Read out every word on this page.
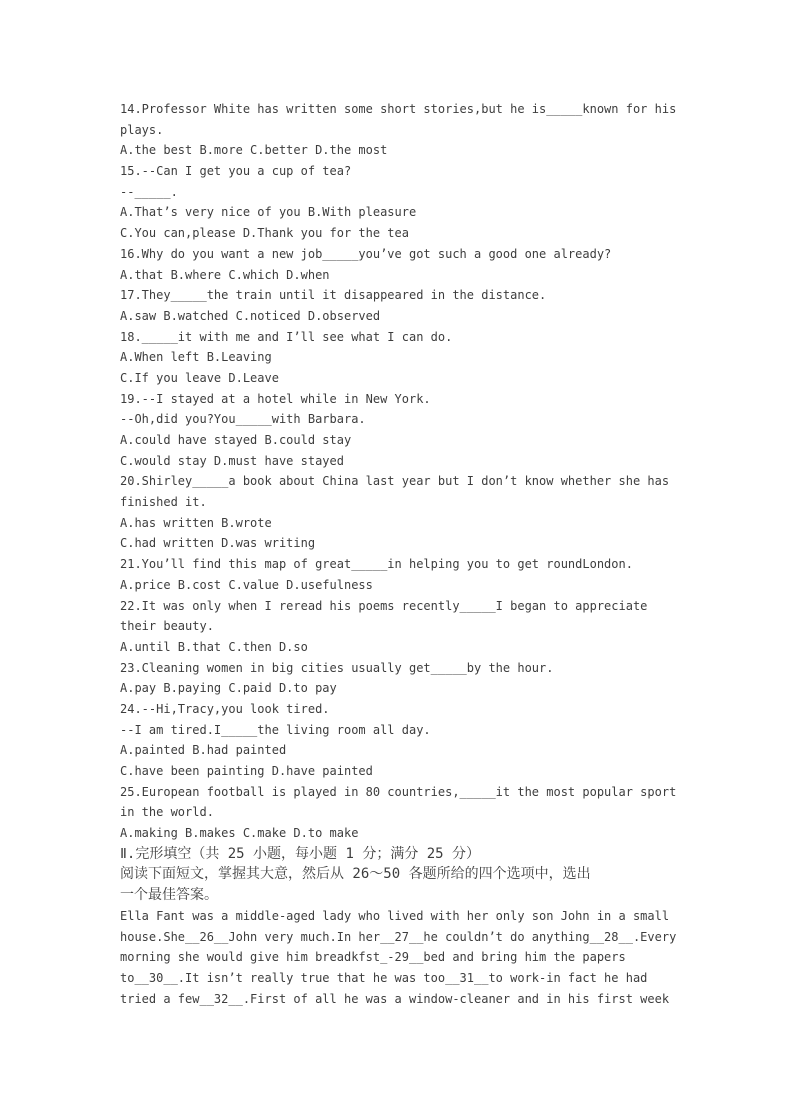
14.Professor White has written some short stories,but he is_____known for his
plays.
A.the best B.more C.better D.the most
15.--Can I get you a cup of tea?
--_____.
A.That’s very nice of you B.With pleasure
C.You can,please D.Thank you for the tea
16.Why do you want a new job_____you’ve got such a good one already?
A.that B.where C.which D.when
17.They_____the train until it disappeared in the distance.
A.saw B.watched C.noticed D.observed
18._____it with me and I’ll see what I can do.
A.When left B.Leaving
C.If you leave D.Leave
19.--I stayed at a hotel while in New York.
--Oh,did you?You_____with Barbara.
A.could have stayed B.could stay
C.would stay D.must have stayed
20.Shirley_____a book about China last year but I don’t know whether she has
finished it.
A.has written B.wrote
C.had written D.was writing
21.You’ll find this map of great_____in helping you to get roundLondon.
A.price B.cost C.value D.usefulness
22.It was only when I reread his poems recently_____I began to appreciate
their beauty.
A.until B.that C.then D.so
23.Cleaning women in big cities usually get_____by the hour.
A.pay B.paying C.paid D.to pay
24.--Hi,Tracy,you look tired.
--I am tired.I_____the living room all day.
A.painted B.had painted
C.have been painting D.have painted
25.European football is played in 80 countries,_____it the most popular sport
in the world.
A.making B.makes C.make D.to make
Ⅱ.完形填空（共 25 小题，每小题 1 分；满分 25 分）
阅读下面短文，掌握其大意，然后从 26～50 各题所给的四个选项中，选出
一个最佳答案。
Ella Fant was a middle-aged lady who lived with her only son John in a small
house.She__26__John very much.In her__27__he couldn’t do anything__28__.Every
morning she would give him breadkfst_-29__bed and bring him the papers
to__30__.It isn’t really true that he was too__31__to work-in fact he had
tried a few__32__.First of all he was a window-cleaner and in his first week
